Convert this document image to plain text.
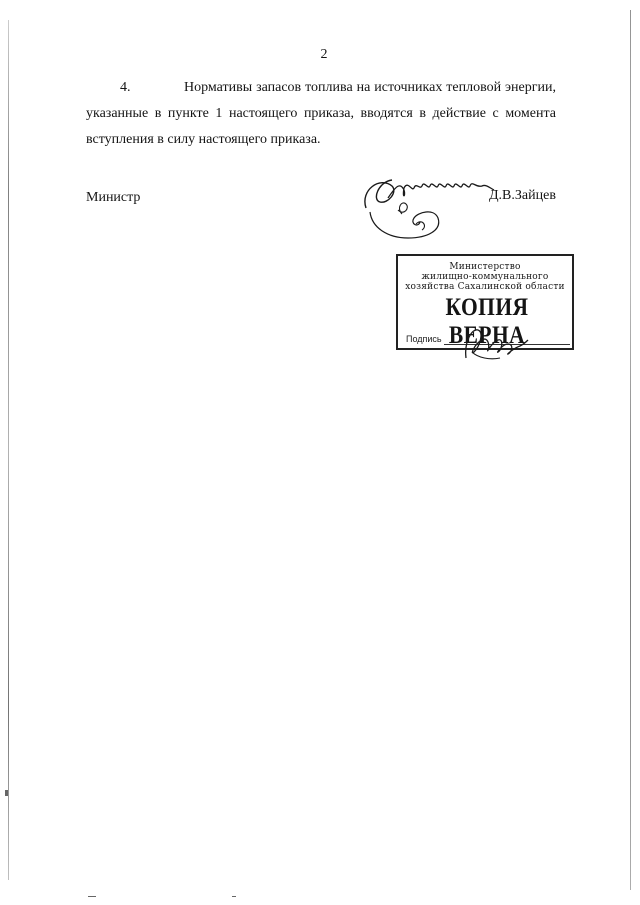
2
4.	Нормативы запасов топлива на источниках тепловой энергии, указанные в пункте 1 настоящего приказа, вводятся в действие с момента вступления в силу настоящего приказа.
Министр	Д.В.Зайцев
Министерство
жилищно-коммунального
хозяйства Сахалинской области
КОПИЯ ВЕРНА
Подпись
